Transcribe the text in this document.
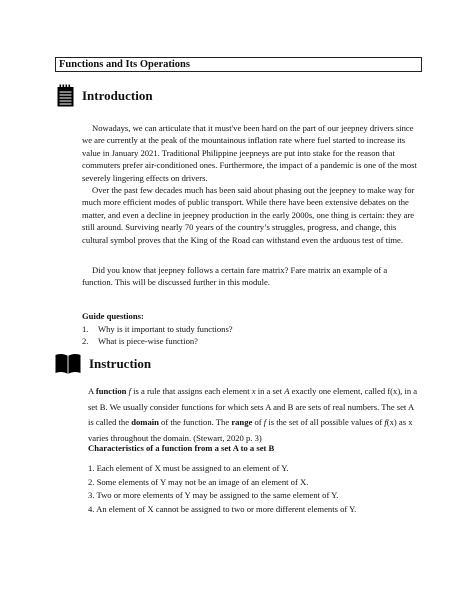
Functions and Its Operations
Introduction

Nowadays, we can articulate that it must've been hard on the part of our jeepney drivers since we are currently at the peak of the mountainous inflation rate where fuel started to increase its value in January 2021. Traditional Philippine jeepneys are put into stake for the reason that commuters prefer air-conditioned ones. Furthermore, the impact of a pandemic is one of the most severely lingering effects on drivers.

Over the past few decades much has been said about phasing out the jeepney to make way for much more efficient modes of public transport. While there have been extensive debates on the matter, and even a decline in jeepney production in the early 2000s, one thing is certain: they are still around. Surviving nearly 70 years of the country’s struggles, progress, and change, this cultural symbol proves that the King of the Road can withstand even the arduous test of time.

Did you know that jeepney follows a certain fare matrix? Fare matrix an example of a function. This will be discussed further in this module.

Guide questions:
1.	Why is it important to study functions?
2.	What is piece-wise function?
Instruction

A function f is a rule that assigns each element x in a set A exactly one element, called f(x), in a set B. We usually consider functions for which sets A and B are sets of real numbers. The set A is called the domain of the function. The range of f is the set of all possible values of f(x) as x varies throughout the domain. (Stewart, 2020 p. 3)

Characteristics of a function from a set A to a set B
1. Each element of X must be assigned to an element of Y.
2. Some elements of Y may not be an image of an element of X.
3. Two or more elements of Y may be assigned to the same element of Y.
4. An element of X cannot be assigned to two or more different elements of Y.
